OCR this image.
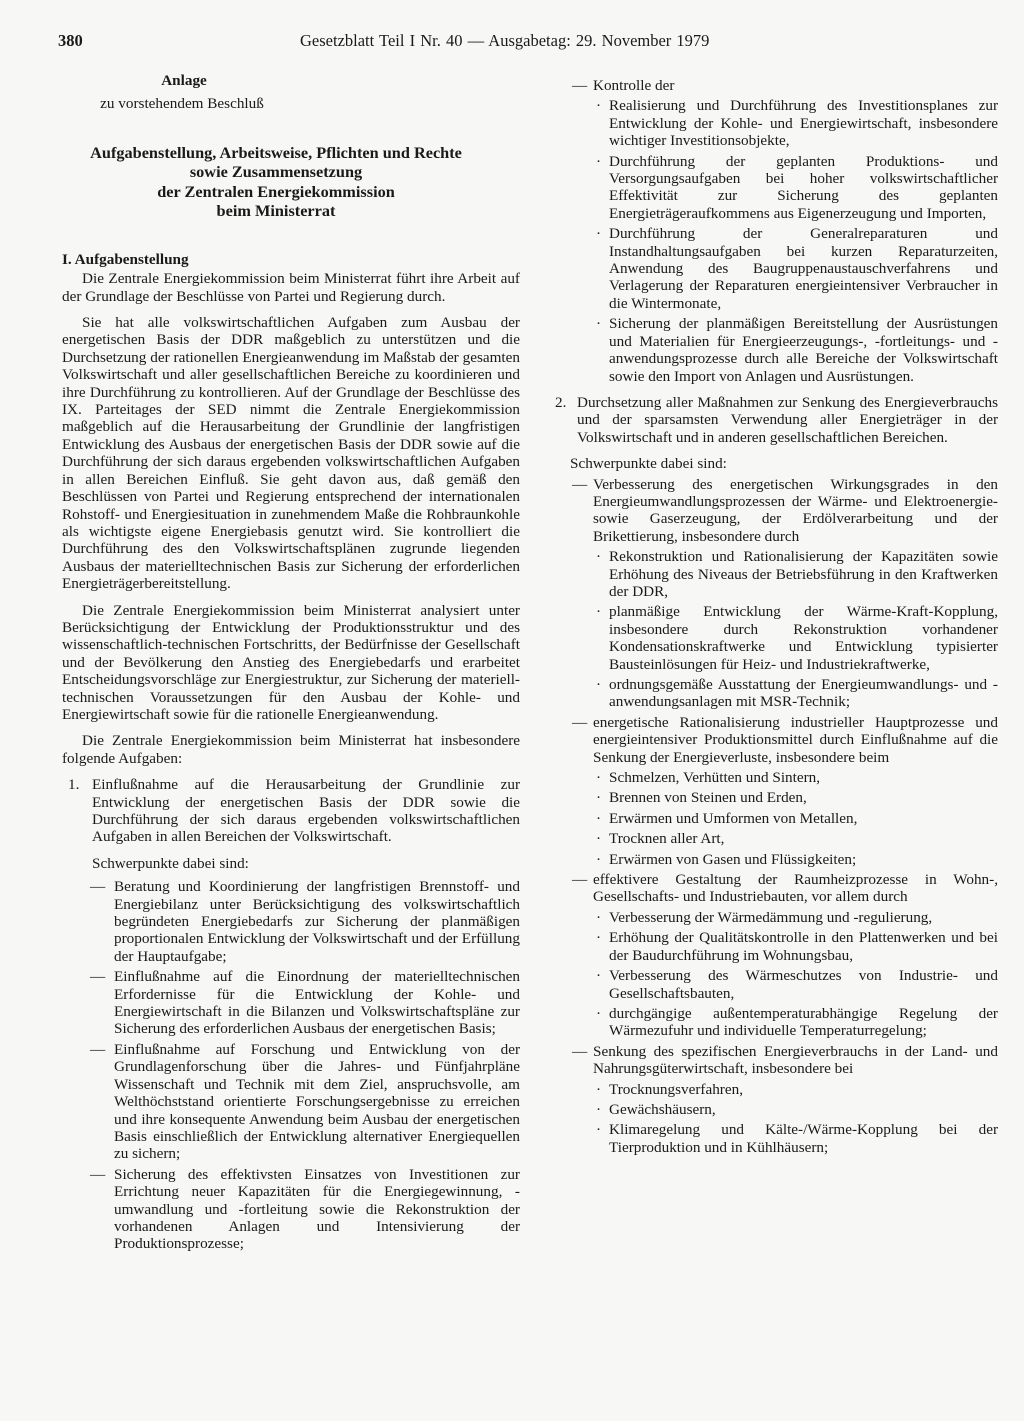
380	Gesetzblatt Teil I Nr. 40 — Ausgabetag: 29. November 1979
Anlage
zu vorstehendem Beschluß
Aufgabenstellung, Arbeitsweise, Pflichten und Rechte
sowie Zusammensetzung
der Zentralen Energiekommission
beim Ministerrat
I. Aufgabenstellung

Die Zentrale Energiekommission beim Ministerrat führt ihre Arbeit auf der Grundlage der Beschlüsse von Partei und Regierung durch.

Sie hat alle volkswirtschaftlichen Aufgaben zum Ausbau der energetischen Basis der DDR maßgeblich zu unterstützen und die Durchsetzung der rationellen Energieanwendung im Maßstab der gesamten Volkswirtschaft und aller gesellschaftlichen Bereiche zu koordinieren und ihre Durchführung zu kontrollieren. Auf der Grundlage der Beschlüsse des IX. Parteitages der SED nimmt die Zentrale Energiekommission maßgeblich auf die Herausarbeitung der Grundlinie der langfristigen Entwicklung des Ausbaus der energetischen Basis der DDR sowie auf die Durchführung der sich daraus ergebenden volkswirtschaftlichen Aufgaben in allen Bereichen Einfluß. Sie geht davon aus, daß gemäß den Beschlüssen von Partei und Regierung entsprechend der internationalen Rohstoff- und Energiesituation in zunehmendem Maße die Rohbraunkohle als wichtigste eigene Energiebasis genutzt wird. Sie kontrolliert die Durchführung des den Volkswirtschaftsplänen zugrunde liegenden Ausbaus der materielltechnischen Basis zur Sicherung der erforderlichen Energieträgerbereitstellung.

Die Zentrale Energiekommission beim Ministerrat analysiert unter Berücksichtigung der Entwicklung der Produktionsstruktur und des wissenschaftlich-technischen Fortschritts, der Bedürfnisse der Gesellschaft und der Bevölkerung den Anstieg des Energiebedarfs und erarbeitet Entscheidungsvorschläge zur Energiestruktur, zur Sicherung der materiell-technischen Voraussetzungen für den Ausbau der Kohle- und Energiewirtschaft sowie für die rationelle Energieanwendung.

Die Zentrale Energiekommission beim Ministerrat hat insbesondere folgende Aufgaben:

1. Einflußnahme auf die Herausarbeitung der Grundlinie zur Entwicklung der energetischen Basis der DDR sowie die Durchführung der sich daraus ergebenden volkswirtschaftlichen Aufgaben in allen Bereichen der Volkswirtschaft.
Schwerpunkte dabei sind:
— Beratung und Koordinierung der langfristigen Brennstoff- und Energiebilanz unter Berücksichtigung des volkswirtschaftlich begründeten Energiebedarfs zur Sicherung der planmäßigen proportionalen Entwicklung der Volkswirtschaft und der Erfüllung der Hauptaufgabe;
— Einflußnahme auf die Einordnung der materielltechnischen Erfordernisse für die Entwicklung der Kohle- und Energiewirtschaft in die Bilanzen und Volkswirtschaftspläne zur Sicherung des erforderlichen Ausbaus der energetischen Basis;
— Einflußnahme auf Forschung und Entwicklung von der Grundlagenforschung über die Jahres- und Fünfjahrpläne Wissenschaft und Technik mit dem Ziel, anspruchsvolle, am Welthöchststand orientierte Forschungsergebnisse zu erreichen und ihre konsequente Anwendung beim Ausbau der energetischen Basis einschließlich der Entwicklung alternativer Energiequellen zu sichern;
— Sicherung des effektivsten Einsatzes von Investitionen zur Errichtung neuer Kapazitäten für die Energiegewinnung, -umwandlung und -fortleitung sowie die Rekonstruktion der vorhandenen Anlagen und Intensivierung der Produktionsprozesse;
— Kontrolle der
· Realisierung und Durchführung des Investitionsplanes zur Entwicklung der Kohle- und Energiewirtschaft, insbesondere wichtiger Investitionsobjekte,
· Durchführung der geplanten Produktions- und Versorgungsaufgaben bei hoher volkswirtschaftlicher Effektivität zur Sicherung des geplanten Energieträgeraufkommens aus Eigenerzeugung und Importen,
· Durchführung der Generalreparaturen und Instandhaltungsaufgaben bei kurzen Reparaturzeiten, Anwendung des Baugruppenaustauschverfahrens und Verlagerung der Reparaturen energieintensiver Verbraucher in die Wintermonate,
· Sicherung der planmäßigen Bereitstellung der Ausrüstungen und Materialien für Energieerzeugungs-, -fortleitungs- und -anwendungsprozesse durch alle Bereiche der Volkswirtschaft sowie den Import von Anlagen und Ausrüstungen.
2. Durchsetzung aller Maßnahmen zur Senkung des Energieverbrauchs und der sparsamsten Verwendung aller Energieträger in der Volkswirtschaft und in anderen gesellschaftlichen Bereichen.
Schwerpunkte dabei sind:
— Verbesserung des energetischen Wirkungsgrades in den Energieumwandlungsprozessen der Wärme- und Elektroenergie- sowie Gaserzeugung, der Erdölverarbeitung und der Brikettierung, insbesondere durch
· Rekonstruktion und Rationalisierung der Kapazitäten sowie Erhöhung des Niveaus der Betriebsführung in den Kraftwerken der DDR,
· planmäßige Entwicklung der Wärme-Kraft-Kopplung, insbesondere durch Rekonstruktion vorhandener Kondensationskraftwerke und Entwicklung typisierter Bausteinlösungen für Heiz- und Industriekraftwerke,
· ordnungsgemäße Ausstattung der Energieumwandlungs- und -anwendungsanlagen mit MSR-Technik;
— energetische Rationalisierung industrieller Hauptprozesse und energieintensiver Produktionsmittel durch Einflußnahme auf die Senkung der Energieverluste, insbesondere beim
· Schmelzen, Verhütten und Sintern,
· Brennen von Steinen und Erden,
· Erwärmen und Umformen von Metallen,
· Trocknen aller Art,
· Erwärmen von Gasen und Flüssigkeiten;
— effektivere Gestaltung der Raumheizprozesse in Wohn-, Gesellschafts- und Industriebauten, vor allem durch
· Verbesserung der Wärmedämmung und -regulierung,
· Erhöhung der Qualitätskontrolle in den Plattenwerken und bei der Baudurchführung im Wohnungsbau,
· Verbesserung des Wärmeschutzes von Industrie- und Gesellschaftsbauten,
· durchgängige außentemperaturabhängige Regelung der Wärmezufuhr und individuelle Temperaturregelung;
— Senkung des spezifischen Energieverbrauchs in der Land- und Nahrungsgüterwirtschaft, insbesondere bei
· Trocknungsverfahren,
· Gewächshäusern,
· Klimaregelung und Kälte-/Wärme-Kopplung bei der Tierproduktion und in Kühlhäusern;
